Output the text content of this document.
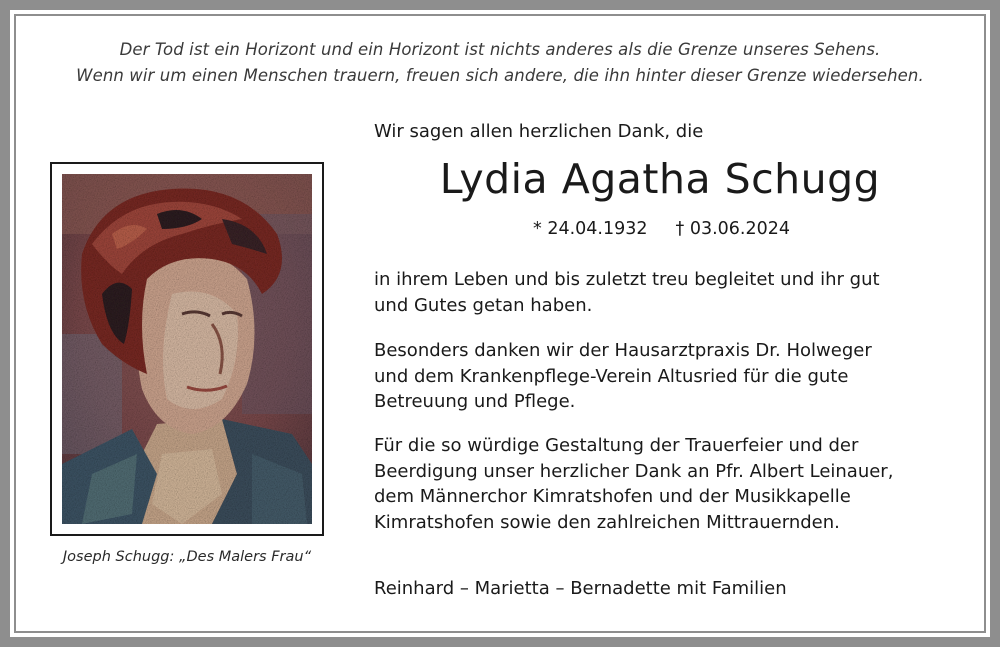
Der Tod ist ein Horizont und ein Horizont ist nichts anderes als die Grenze unseres Sehens.
Wenn wir um einen Menschen trauern, freuen sich andere, die ihn hinter dieser Grenze wiedersehen.
Joseph Schugg: „Des Malers Frau“
Wir sagen allen herzlichen Dank, die
Lydia Agatha Schugg
* 24.04.1932 † 03.06.2024
in ihrem Leben und bis zuletzt treu begleitet und ihr gut
und Gutes getan haben.
Besonders danken wir der Hausarztpraxis Dr. Holweger
und dem Krankenpflege-Verein Altusried für die gute
Betreuung und Pflege.
Für die so würdige Gestaltung der Trauerfeier und der
Beerdigung unser herzlicher Dank an Pfr. Albert Leinauer,
dem Männerchor Kimratshofen und der Musikkapelle
Kimratshofen sowie den zahlreichen Mittrauernden.
Reinhard – Marietta – Bernadette mit Familien
